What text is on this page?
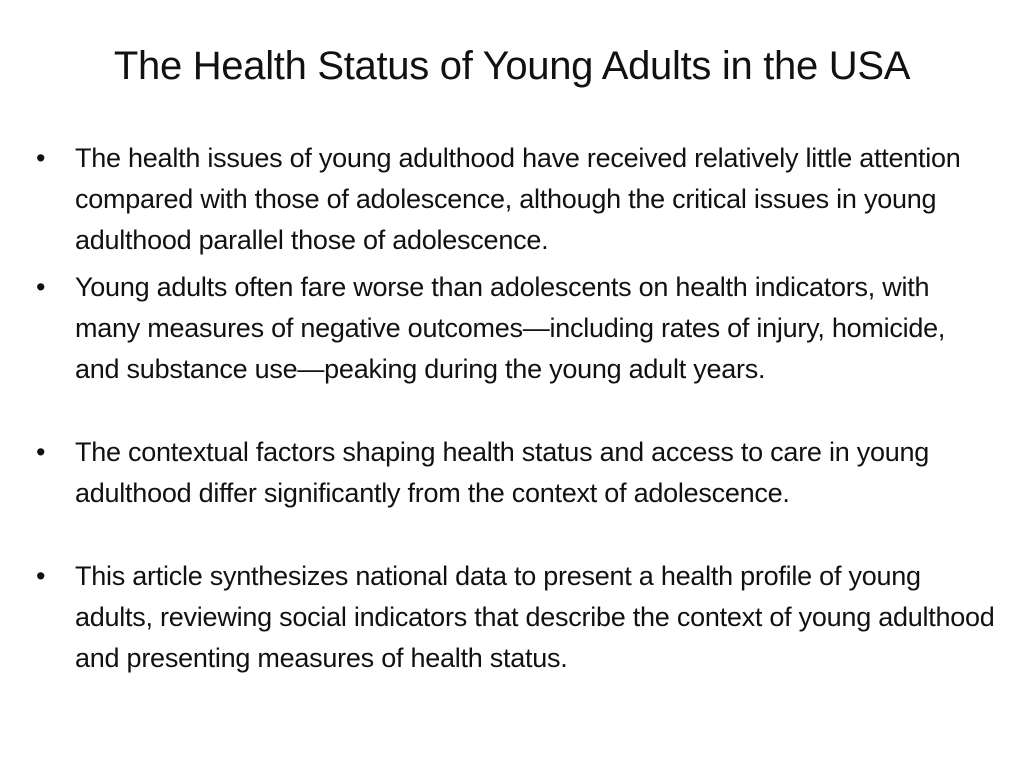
The Health Status of Young Adults in the USA
•	The health issues of young adulthood have received relatively little attention compared with those of adolescence, although the critical issues in young adulthood parallel those of adolescence.
•	Young adults often fare worse than adolescents on health indicators, with many measures of negative outcomes—including rates of injury, homicide, and substance use—peaking during the young adult years.
•	The contextual factors shaping health status and access to care in young adulthood differ significantly from the context of adolescence.
•	This article synthesizes national data to present a health profile of young adults, reviewing social indicators that describe the context of young adulthood and presenting measures of health status.
